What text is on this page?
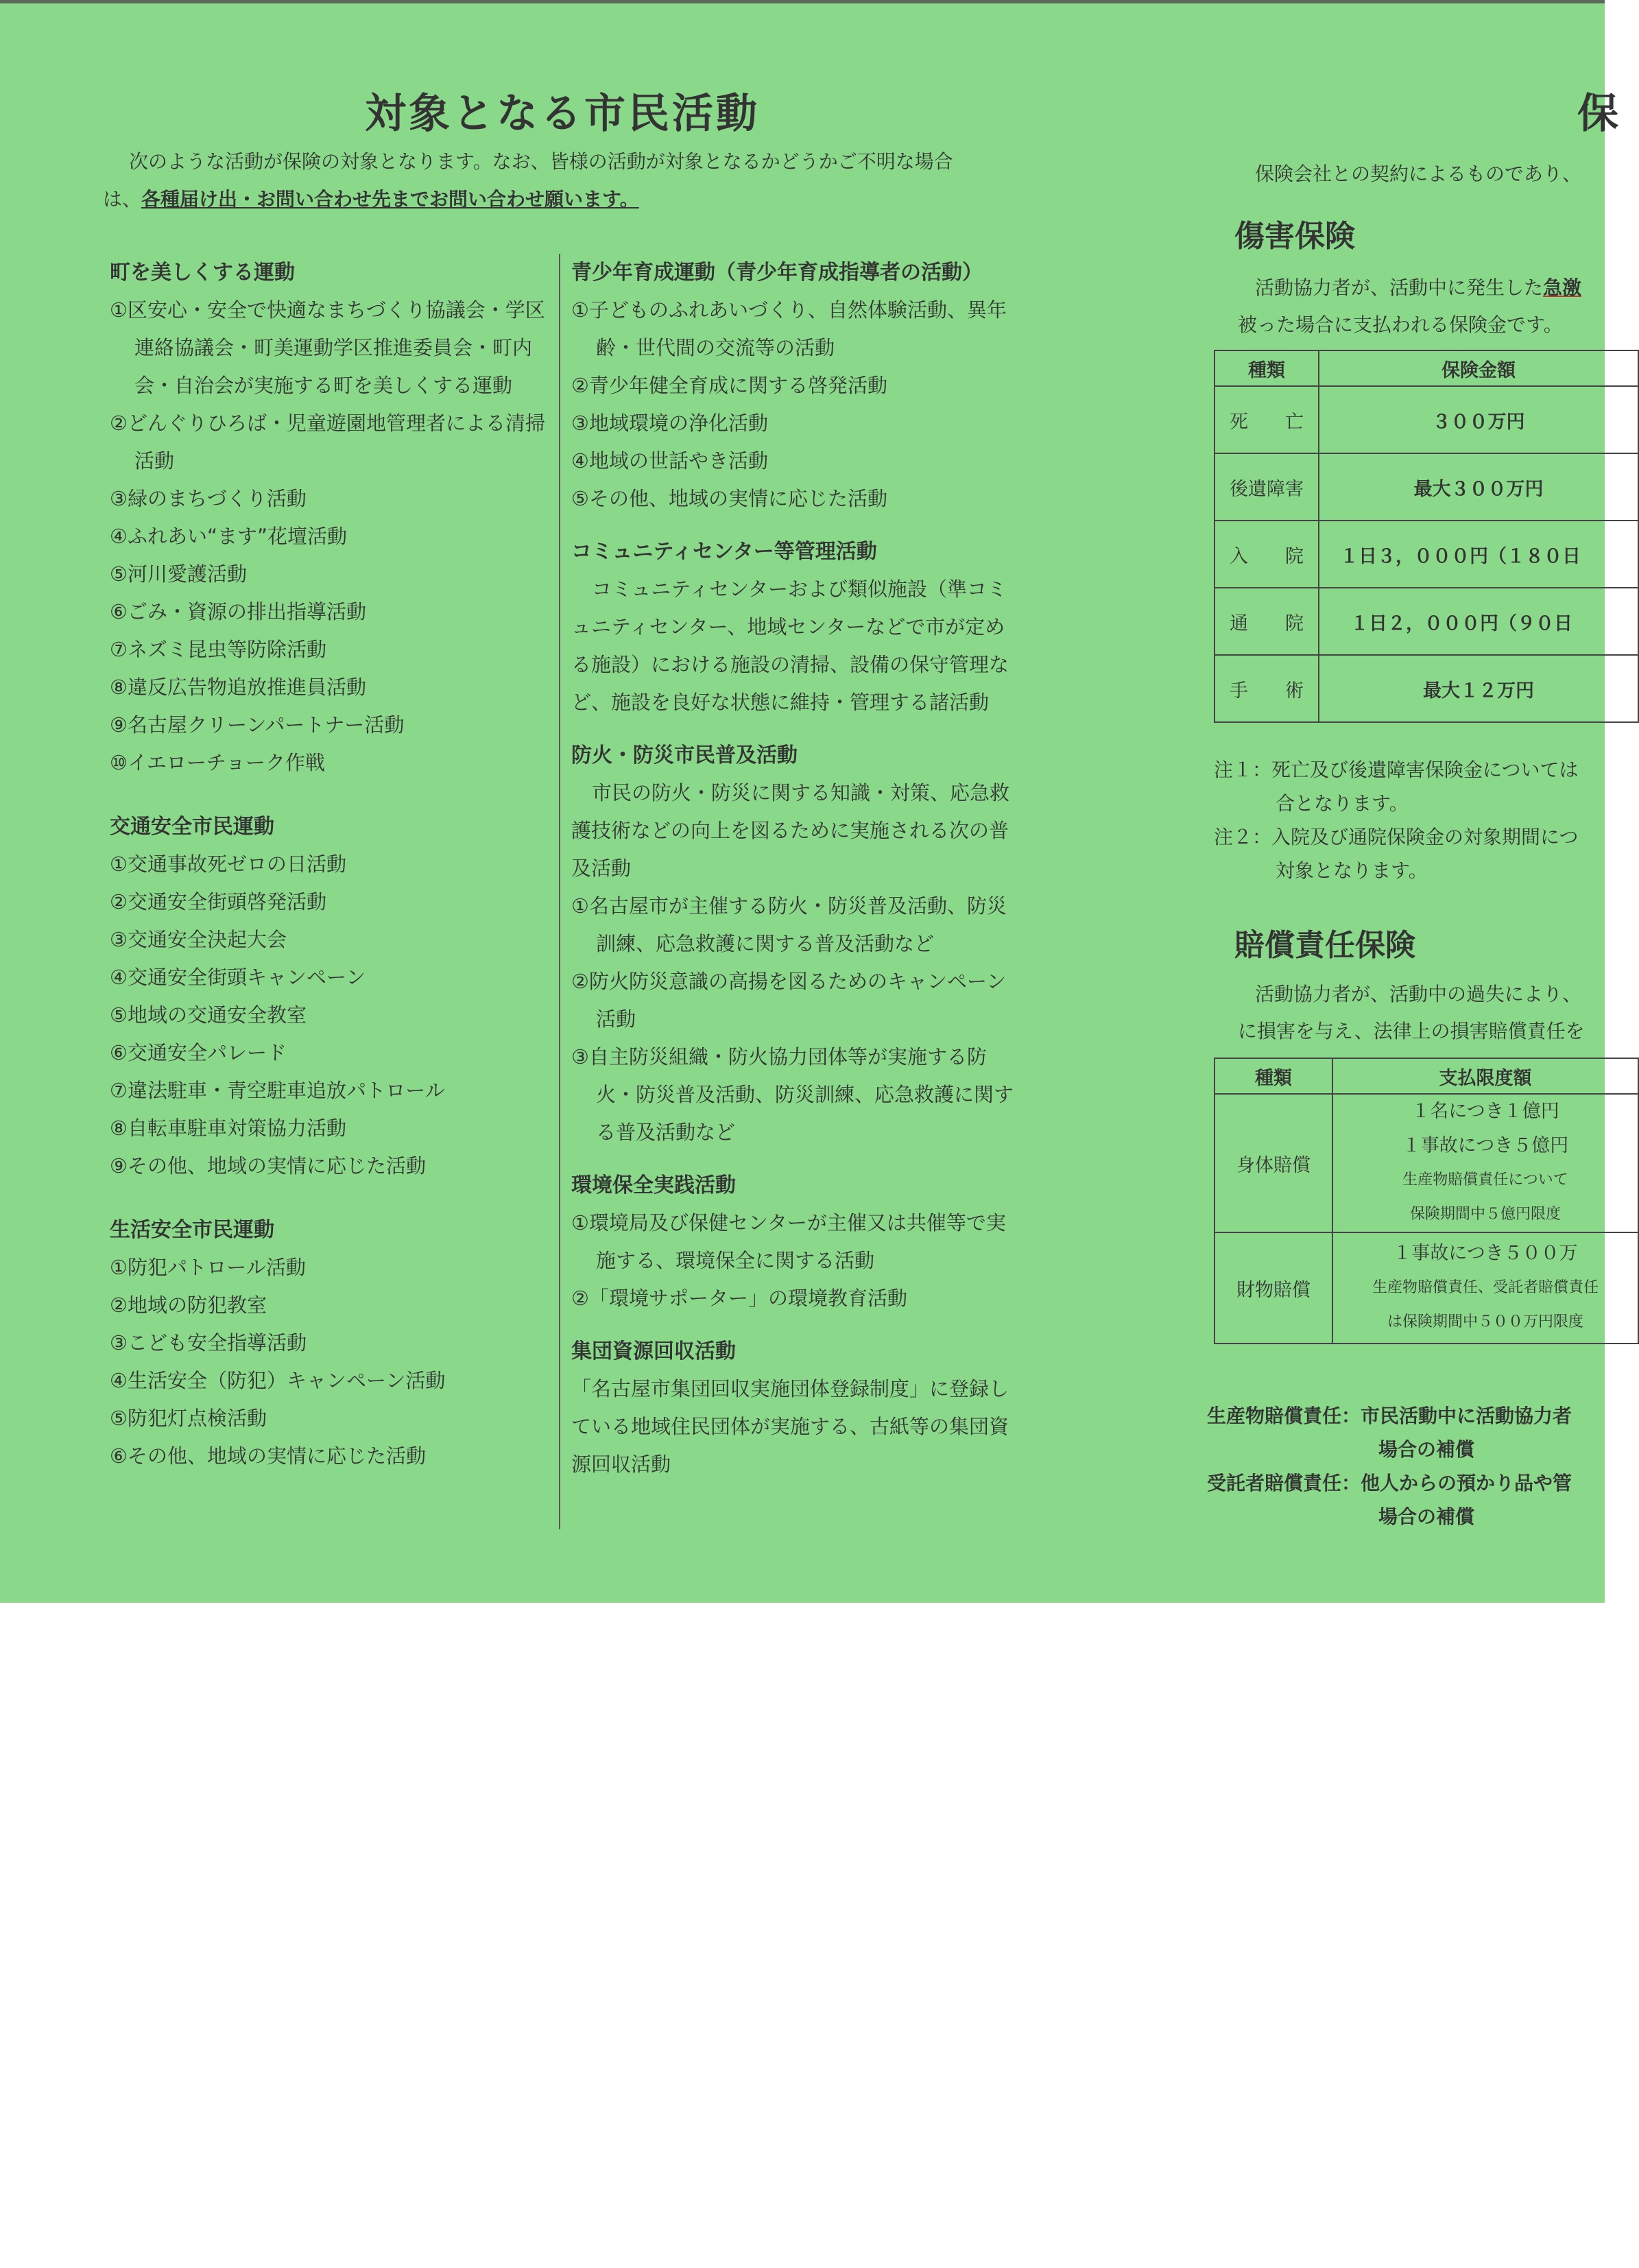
対象となる市民活動
次のような活動が保険の対象となります。なお、皆様の活動が対象となるかどうかご不明な場合
は、各種届け出・お問い合わせ先までお問い合わせ願います。

町を美しくする運動

①区安心・安全で快適なまちづくり協議会・学区連絡協議会・町美運動学区推進委員会・町内会・自治会が実施する町を美しくする運動

②どんぐりひろば・児童遊園地管理者による清掃活動

③緑のまちづくり活動

④ふれあい“ます”花壇活動

⑤河川愛護活動

⑥ごみ・資源の排出指導活動

⑦ネズミ昆虫等防除活動

⑧違反広告物追放推進員活動

⑨名古屋クリーンパートナー活動

⑩イエローチョーク作戦

交通安全市民運動

①交通事故死ゼロの日活動

②交通安全街頭啓発活動

③交通安全決起大会

④交通安全街頭キャンペーン

⑤地域の交通安全教室

⑥交通安全パレード

⑦違法駐車・青空駐車追放パトロール

⑧自転車駐車対策協力活動

⑨その他、地域の実情に応じた活動

生活安全市民運動

①防犯パトロール活動

②地域の防犯教室

③こども安全指導活動

④生活安全（防犯）キャンペーン活動

⑤防犯灯点検活動

⑥その他、地域の実情に応じた活動

青少年育成運動（青少年育成指導者の活動）

①子どものふれあいづくり、自然体験活動、異年齢・世代間の交流等の活動

②青少年健全育成に関する啓発活動

③地域環境の浄化活動

④地域の世話やき活動

⑤その他、地域の実情に応じた活動

コミュニティセンター等管理活動

コミュニティセンターおよび類似施設（準コミュニティセンター、地域センターなどで市が定める施設）における施設の清掃、設備の保守管理など、施設を良好な状態に維持・管理する諸活動

防火・防災市民普及活動

市民の防火・防災に関する知識・対策、応急救護技術などの向上を図るために実施される次の普及活動

①名古屋市が主催する防火・防災普及活動、防災訓練、応急救護に関する普及活動など

②防火防災意識の高揚を図るためのキャンペーン活動

③自主防災組織・防火協力団体等が実施する防火・防災普及活動、防災訓練、応急救護に関する普及活動など

環境保全実践活動

①環境局及び保健センターが主催又は共催等で実施する、環境保全に関する活動

②「環境サポーター」の環境教育活動

集団資源回収活動

「名古屋市集団回収実施団体登録制度」に登録している地域住民団体が実施する、古紙等の集団資源回収活動

保
保険会社との契約によるものであり、
傷害保険
活動協力者が、活動中に発生した急激
被った場合に支払われる保険金です。
種類	保険金額
死　　亡	３００万円
後遺障害	最大３００万円
入　　院	１日３，０００円（１８０日
通　　院	１日２，０００円（９０日
手　　術	最大１２万円
注１：死亡及び後遺障害保険金については
合となります。
注２：入院及び通院保険金の対象期間につ
対象となります。
賠償責任保険
活動協力者が、活動中の過失により、
に損害を与え、法律上の損害賠償責任を
種類	支払限度額
身体賠償	１名につき１億円
１事故につき５億円
生産物賠償責任について
保険期間中５億円限度

財物賠償	１事故につき５００万
生産物賠償責任、受託者賠償責任
は保険期間中５００万円限度
生産物賠償責任：市民活動中に活動協力者
場合の補償
受託者賠償責任：他人からの預かり品や管
場合の補償
